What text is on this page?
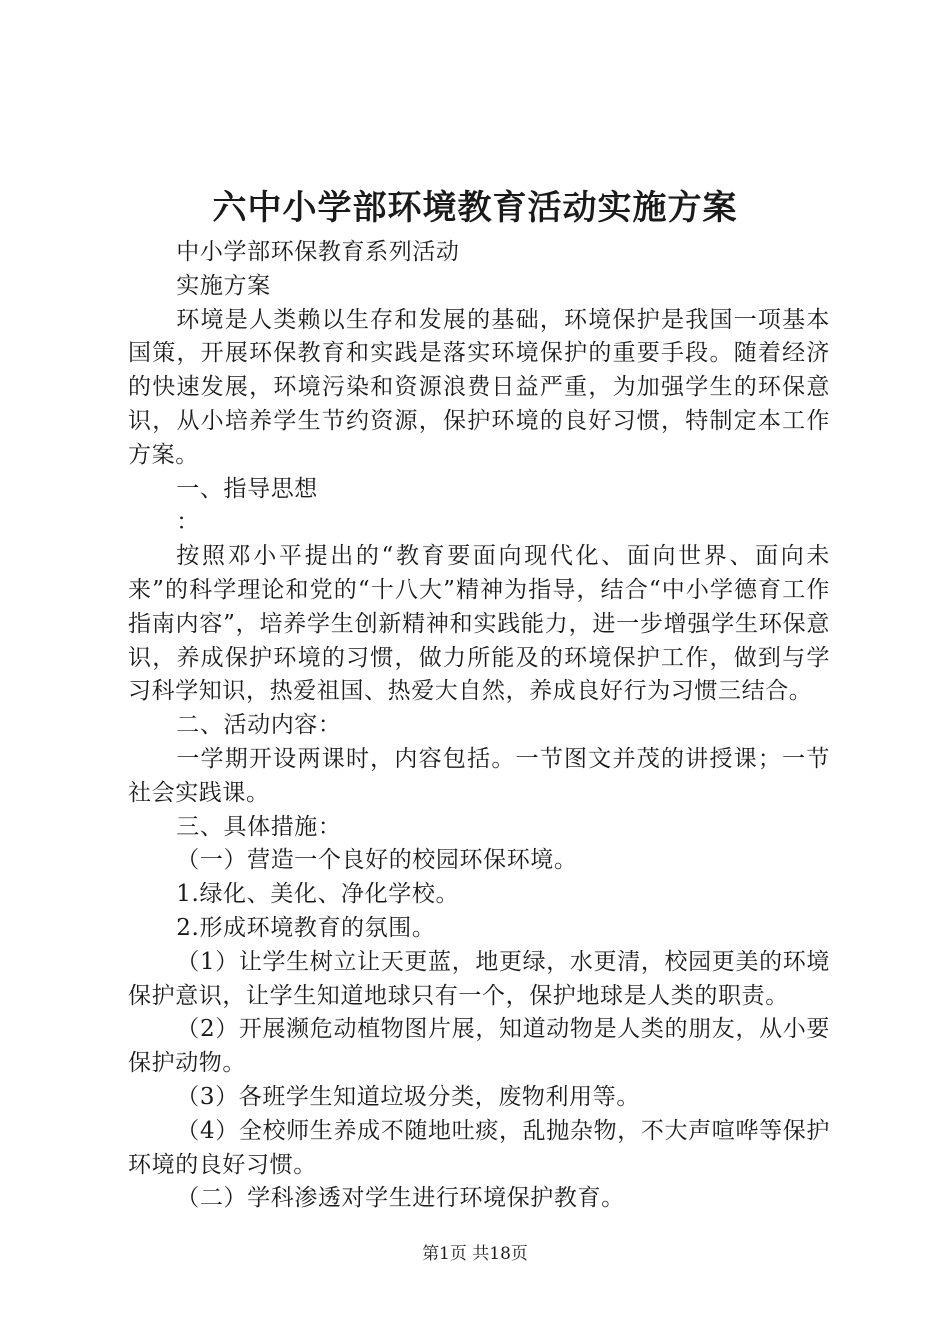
六中小学部环境教育活动实施方案

中小学部环保教育系列活动

实施方案

环境是人类赖以生存和发展的基础，环境保护是我国一项基本国策，开展环保教育和实践是落实环境保护的重要手段。随着经济的快速发展，环境污染和资源浪费日益严重，为加强学生的环保意识，从小培养学生节约资源，保护环境的良好习惯，特制定本工作方案。

一、指导思想

：

按照邓小平提出的“教育要面向现代化、面向世界、面向未来”的科学理论和党的“十八大”精神为指导，结合“中小学德育工作指南内容”，培养学生创新精神和实践能力，进一步增强学生环保意识，养成保护环境的习惯，做力所能及的环境保护工作，做到与学习科学知识，热爱祖国、热爱大自然，养成良好行为习惯三结合。

二、活动内容：

一学期开设两课时，内容包括。一节图文并茂的讲授课；一节社会实践课。

三、具体措施：

（一）营造一个良好的校园环保环境。

1.绿化、美化、净化学校。

2.形成环境教育的氛围。

（1）让学生树立让天更蓝，地更绿，水更清，校园更美的环境保护意识，让学生知道地球只有一个，保护地球是人类的职责。

（2）开展濒危动植物图片展，知道动物是人类的朋友，从小要保护动物。

（3）各班学生知道垃圾分类，废物利用等。

（4）全校师生养成不随地吐痰，乱抛杂物，不大声喧哗等保护环境的良好习惯。

（二）学科渗透对学生进行环境保护教育。

第1页 共18页
